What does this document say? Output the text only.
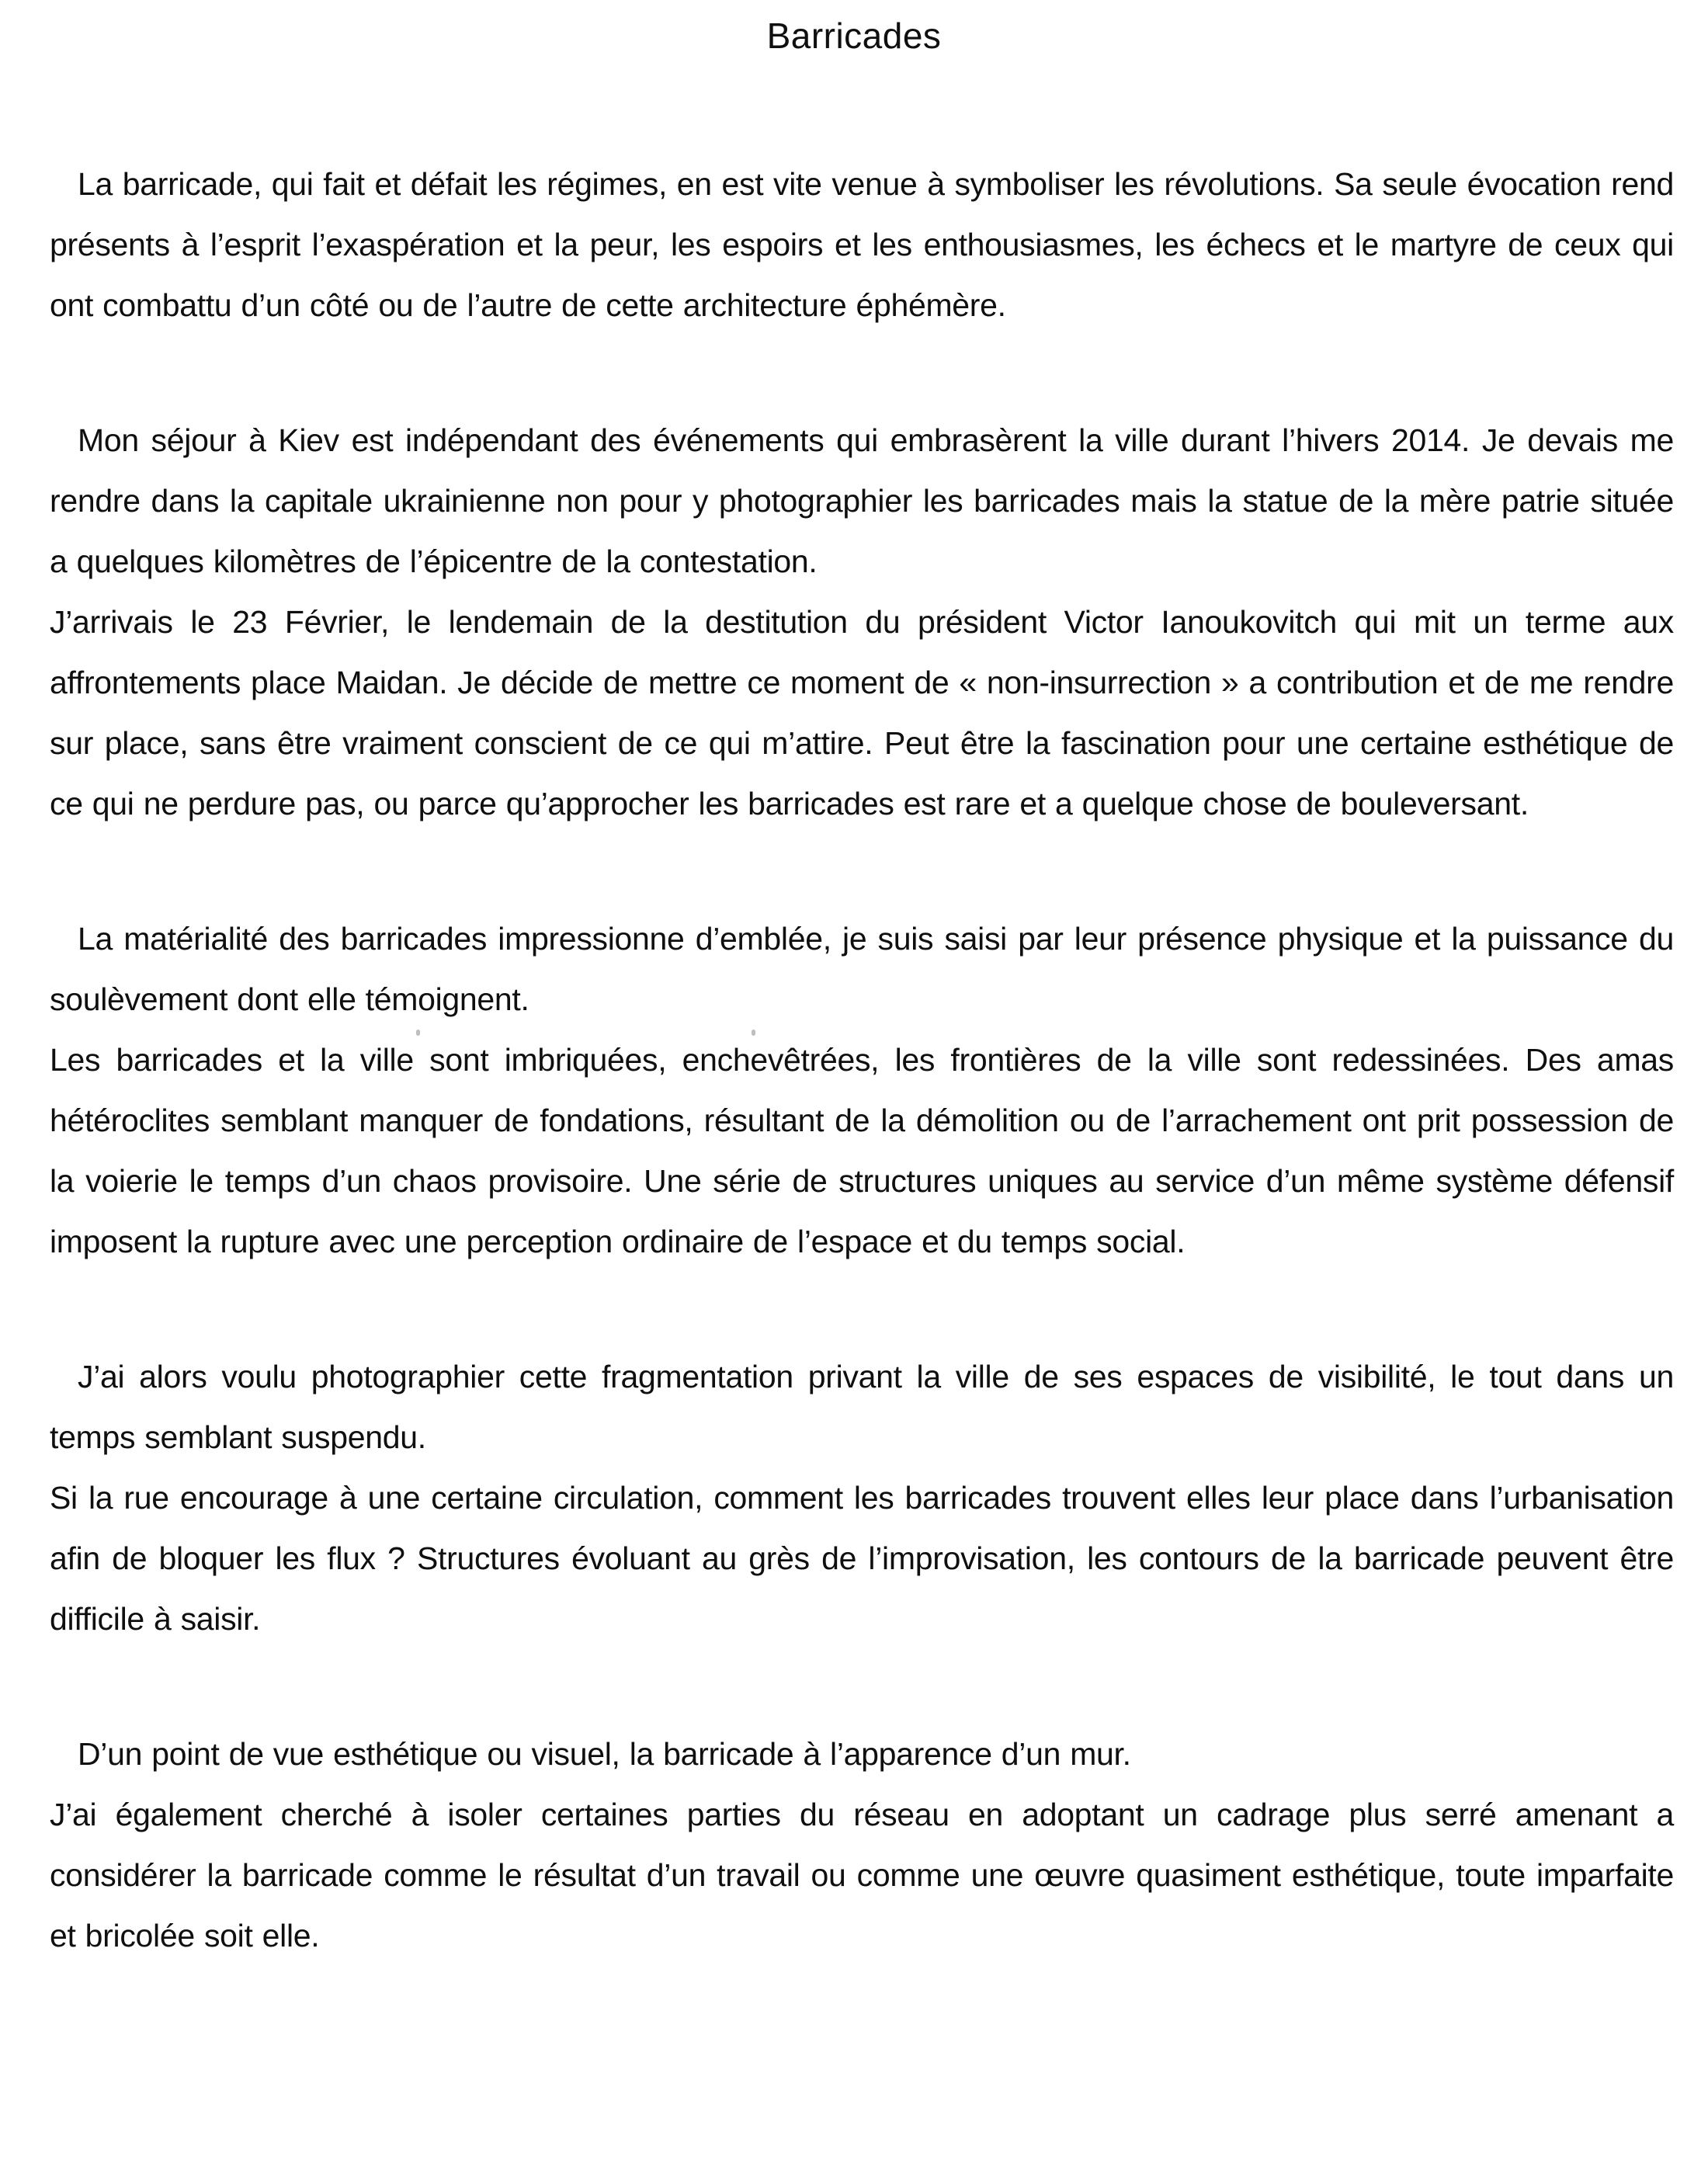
Barricades

La barricade, qui fait et défait les régimes, en est vite venue à symboliser les révolutions. Sa seule évocation rend présents à l’esprit l’exaspération et la peur, les espoirs et les enthousiasmes, les échecs et le martyre de ceux qui ont combattu d’un côté ou de l’autre de cette architecture éphémère.

Mon séjour à Kiev est indépendant des événements qui embrasèrent la ville durant l’hivers 2014. Je devais me rendre dans la capitale ukrainienne non pour y photographier les barricades mais la statue de la mère patrie située a quelques kilomètres de l’épicentre de la contestation.

J’arrivais le 23 Février, le lendemain de la destitution du président Victor Ianoukovitch qui mit un terme aux affrontements place Maidan. Je décide de mettre ce moment de « non-insurrection » a contribution et de me rendre sur place, sans être vraiment conscient de ce qui m’attire. Peut être la fascination pour une certaine esthétique de ce qui ne perdure pas, ou parce qu’approcher les barricades est rare et a quelque chose de bouleversant.

La matérialité des barricades impressionne d’emblée, je suis saisi par leur présence physique et la puissance du soulèvement dont elle témoignent.

Les barricades et la ville sont imbriquées, enchevêtrées, les frontières de la ville sont redessinées. Des amas hétéroclites semblant manquer de fondations, résultant de la démolition ou de l’arrachement ont prit possession de la voierie le temps d’un chaos provisoire. Une série de structures uniques au service d’un même système défensif imposent la rupture avec une perception ordinaire de l’espace et du temps social.

J’ai alors voulu photographier cette fragmentation privant la ville de ses espaces de visibilité, le tout dans un temps semblant suspendu.

Si la rue encourage à une certaine circulation, comment les barricades trouvent elles leur place dans l’urbanisation afin de bloquer les flux ? Structures évoluant au grès de l’improvisation, les contours de la barricade peuvent être difficile à saisir.

D’un point de vue esthétique ou visuel, la barricade à l’apparence d’un mur.

J’ai également cherché à isoler certaines parties du réseau en adoptant un cadrage plus serré amenant a considérer la barricade comme le résultat d’un travail ou comme une œuvre quasiment esthétique, toute imparfaite et bricolée soit elle.
